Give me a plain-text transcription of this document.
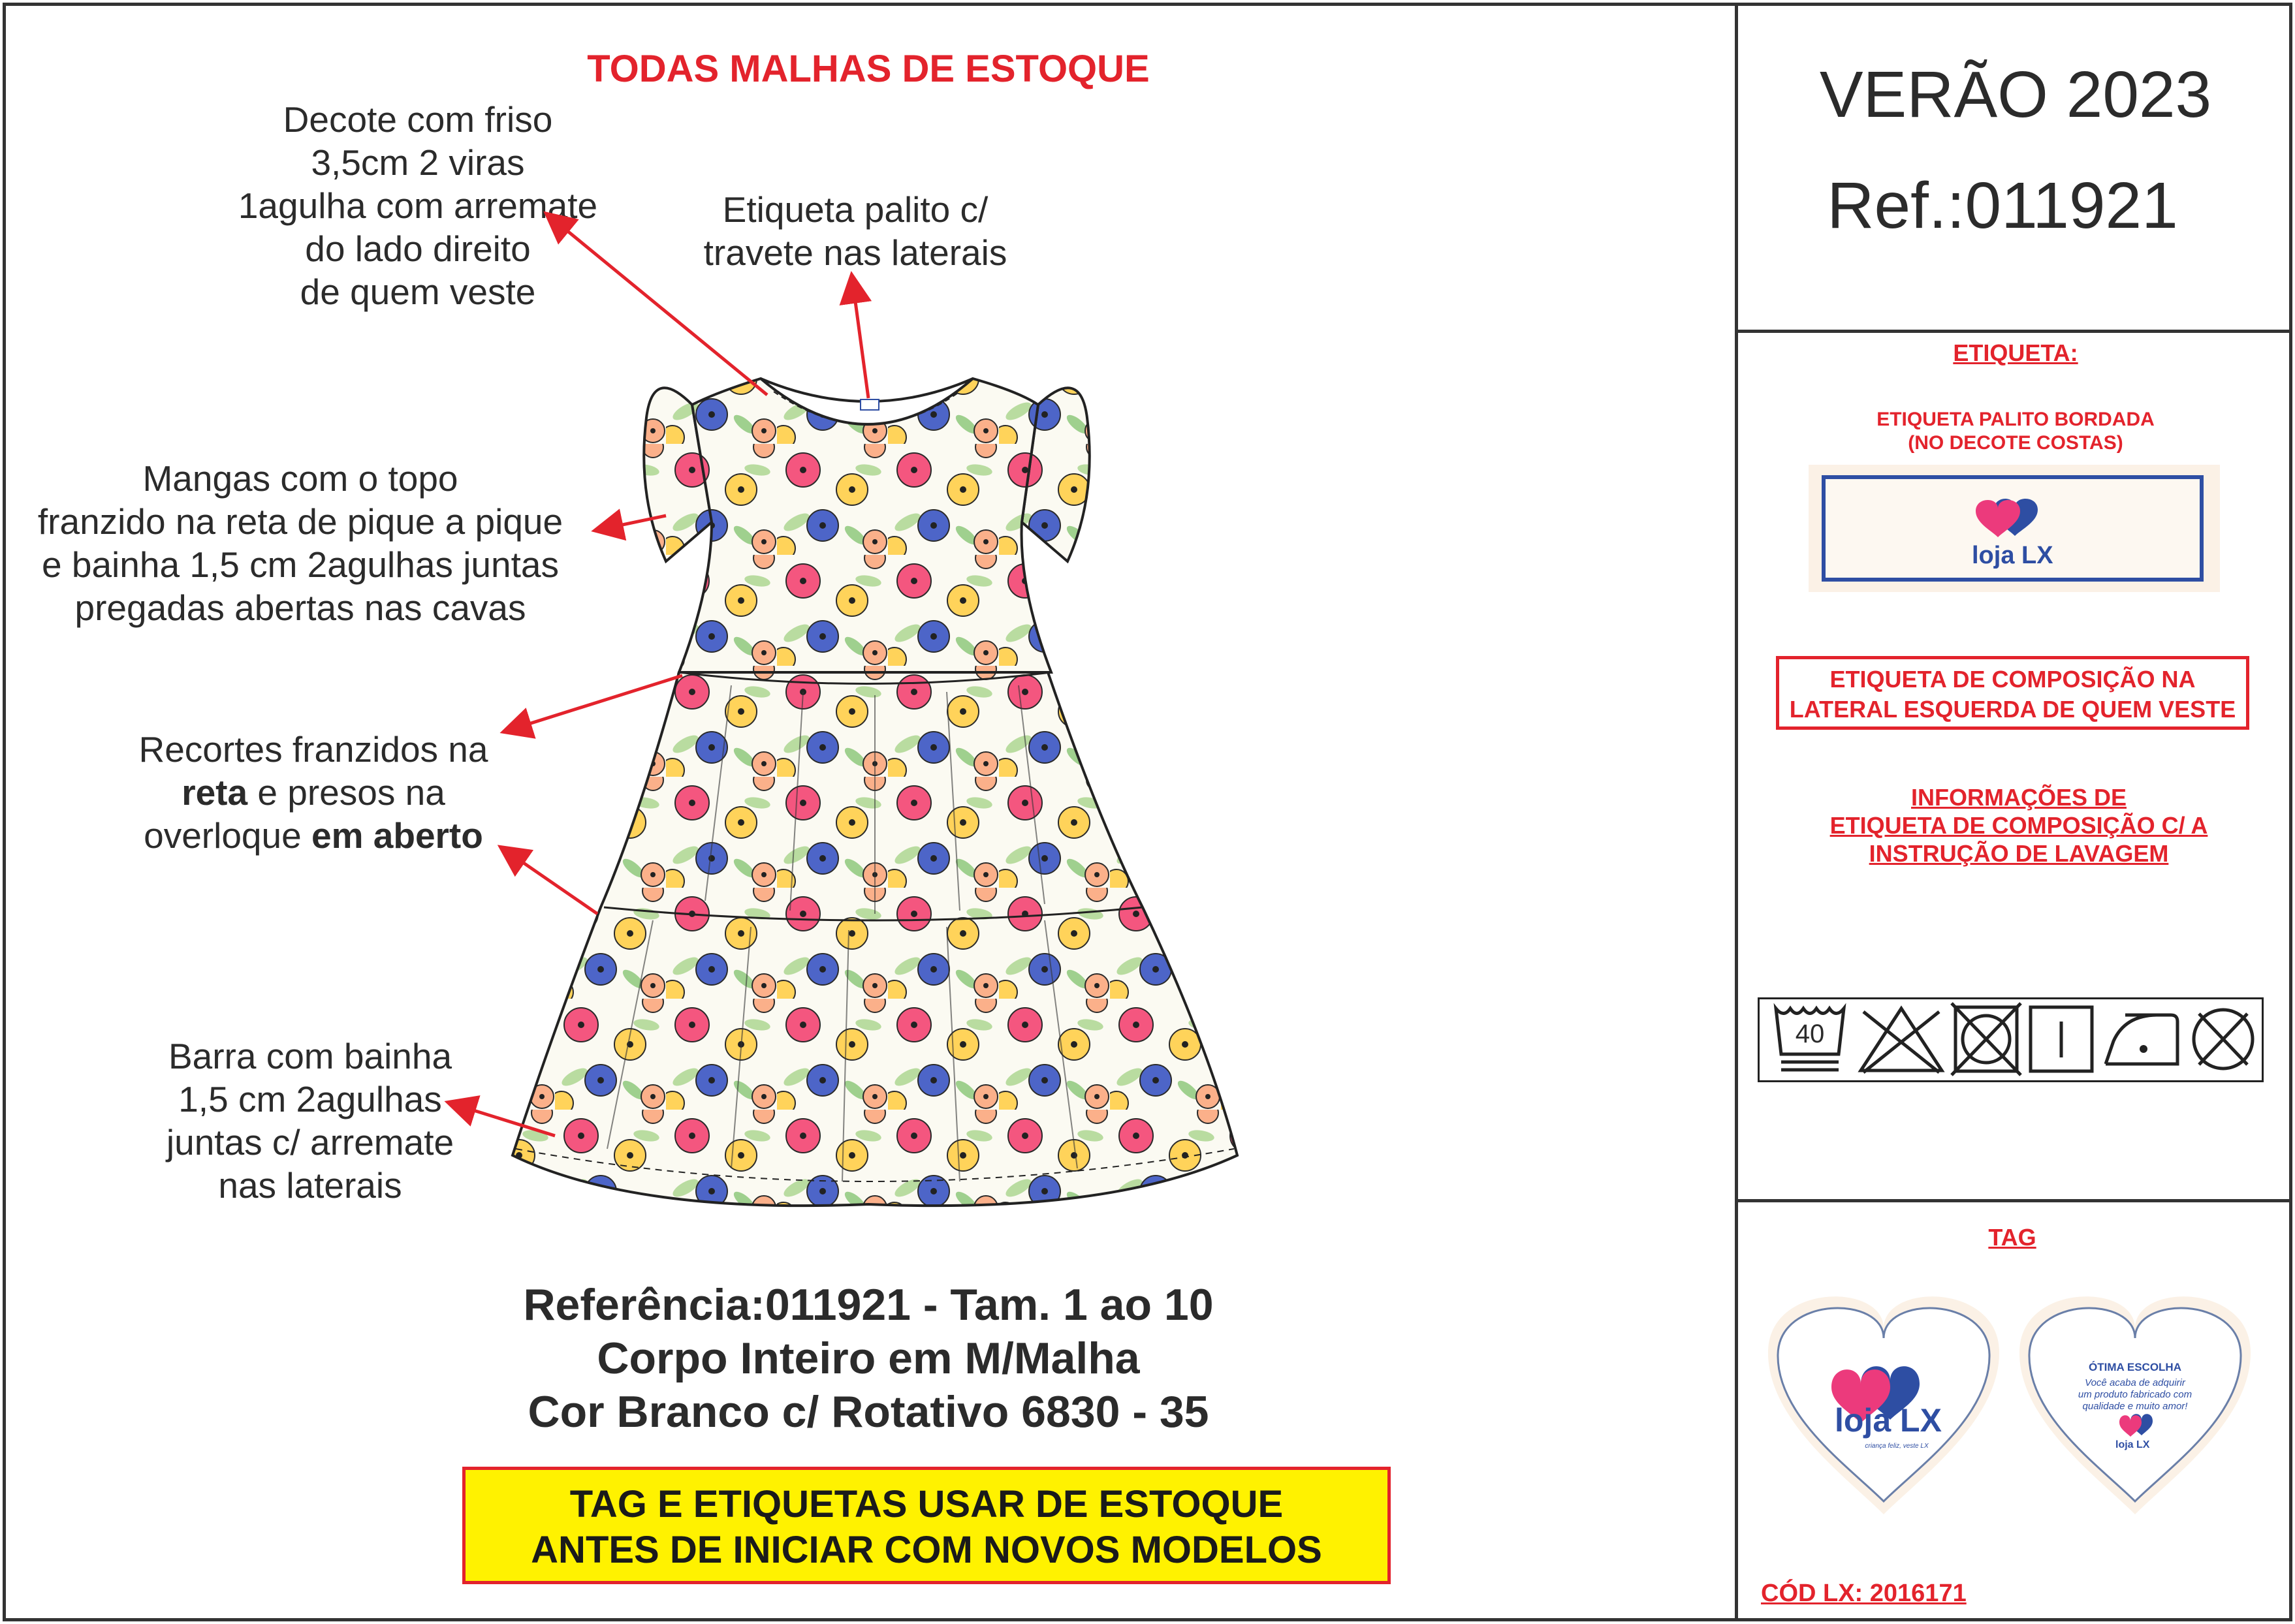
TODAS MALHAS DE ESTOQUE
Decote com friso
3,5cm 2 viras
1agulha com arremate
do lado direito
de quem veste
Etiqueta palito c/
travete nas laterais
Mangas com o topo
franzido na reta de pique a pique
e bainha 1,5 cm 2agulhas juntas
pregadas abertas nas cavas
Recortes franzidos na
reta e presos na
overloque em aberto
Barra com bainha
1,5 cm 2agulhas
juntas c/ arremate
nas laterais
Referência:011921 - Tam. 1 ao 10
Corpo Inteiro em M/Malha
Cor Branco c/ Rotativo 6830 - 35
TAG E ETIQUETAS USAR DE ESTOQUE
ANTES DE INICIAR COM NOVOS MODELOS
VERÃO 2023
Ref.:011921
ETIQUETA:
ETIQUETA PALITO BORDADA
(NO DECOTE COSTAS)
loja LX
ETIQUETA DE COMPOSIÇÃO NA
LATERAL ESQUERDA DE QUEM VESTE
INFORMAÇÕES DE
ETIQUETA DE COMPOSIÇÃO C/ A
INSTRUÇÃO DE LAVAGEM
40
TAG
loja LX
criança feliz, veste LX
ÓTIMA ESCOLHA
Você acaba de adquirir
um produto fabricado com
qualidade e muito amor!
loja LX
CÓD LX: 2016171
